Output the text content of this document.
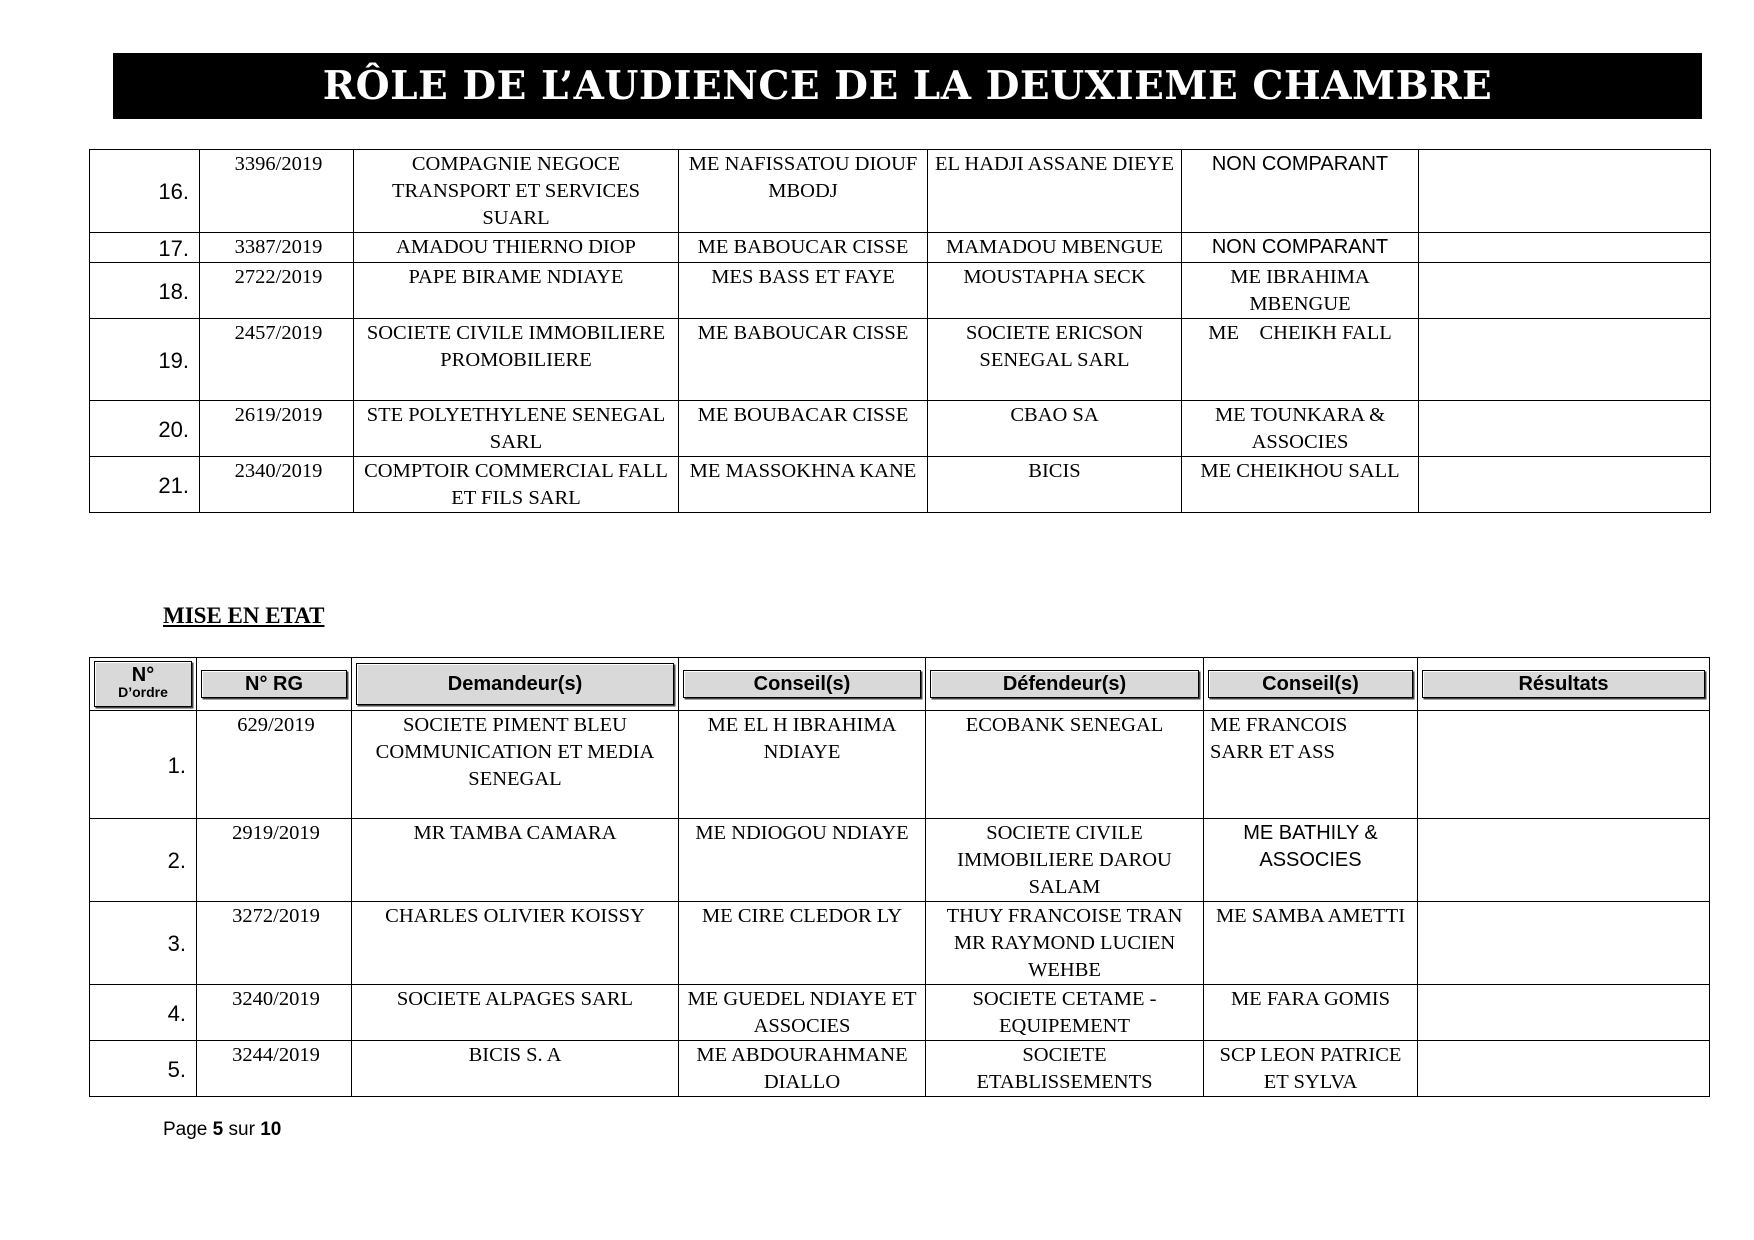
RÔLE DE L’AUDIENCE DE LA DEUXIEME CHAMBRE
16.	3396/2019	COMPAGNIE NEGOCE TRANSPORT ET SERVICES SUARL	ME NAFISSATOU DIOUF MBODJ	EL HADJI ASSANE DIEYE	NON COMPARANT	
17.	3387/2019	AMADOU THIERNO DIOP	ME BABOUCAR CISSE	MAMADOU MBENGUE	NON COMPARANT	
18.	2722/2019	PAPE BIRAME NDIAYE	MES BASS ET FAYE	MOUSTAPHA SECK	ME IBRAHIMA MBENGUE	
19.	2457/2019	SOCIETE CIVILE IMMOBILIERE PROMOBILIERE	ME BABOUCAR CISSE	SOCIETE ERICSON SENEGAL SARL	ME    CHEIKH FALL	
20.	2619/2019	STE POLYETHYLENE SENEGAL SARL	ME BOUBACAR CISSE	CBAO SA	ME TOUNKARA & ASSOCIES	
21.	2340/2019	COMPTOIR COMMERCIAL FALL ET FILS SARL	ME MASSOKHNA KANE	BICIS	ME CHEIKHOU SALL	
MISE EN ETAT
N°
D’ordre	N° RG	Demandeur(s)	Conseil(s)	Défendeur(s)	Conseil(s)	Résultats

1.	629/2019	SOCIETE PIMENT BLEU COMMUNICATION ET MEDIA SENEGAL	ME EL H IBRAHIMA NDIAYE	ECOBANK SENEGAL	ME FRANCOIS SARR ET ASS	
2.	2919/2019	MR TAMBA CAMARA	ME NDIOGOU NDIAYE	SOCIETE CIVILE IMMOBILIERE DAROU SALAM	ME BATHILY & ASSOCIES	
3.	3272/2019	CHARLES OLIVIER KOISSY	ME CIRE CLEDOR LY	THUY FRANCOISE TRAN MR RAYMOND LUCIEN WEHBE	ME SAMBA AMETTI	
4.	3240/2019	SOCIETE ALPAGES SARL	ME GUEDEL NDIAYE ET ASSOCIES	SOCIETE CETAME - EQUIPEMENT	ME FARA GOMIS	
5.	3244/2019	BICIS S. A	ME ABDOURAHMANE DIALLO	SOCIETE ETABLISSEMENTS	SCP LEON PATRICE ET SYLVA	
Page 5 sur 10
